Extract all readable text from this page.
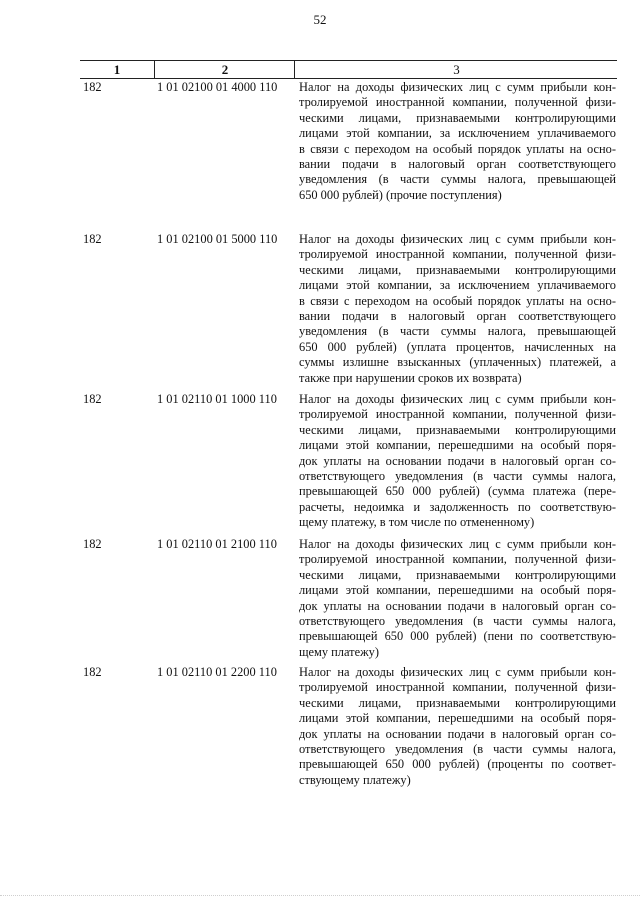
52
1	2	3
182	1 01 02100 01 4000 110	Налог на доходы физических лиц с сумм прибыли кон-
тролируемой иностранной компании, полученной физи-
ческими лицами, признаваемыми контролирующими
лицами этой компании, за исключением уплачиваемого
в связи с переходом на особый порядок уплаты на осно-
вании подачи в налоговый орган соответствующего
уведомления (в части суммы налога, превышающей
650 000 рублей) (прочие поступления)
182	1 01 02100 01 5000 110	Налог на доходы физических лиц с сумм прибыли кон-
тролируемой иностранной компании, полученной физи-
ческими лицами, признаваемыми контролирующими
лицами этой компании, за исключением уплачиваемого
в связи с переходом на особый порядок уплаты на осно-
вании подачи в налоговый орган соответствующего
уведомления (в части суммы налога, превышающей
650 000 рублей) (уплата процентов, начисленных на
суммы излишне взысканных (уплаченных) платежей, а
также при нарушении сроков их возврата)
182	1 01 02110 01 1000 110	Налог на доходы физических лиц с сумм прибыли кон-
тролируемой иностранной компании, полученной физи-
ческими лицами, признаваемыми контролирующими
лицами этой компании, перешедшими на особый поря-
док уплаты на основании подачи в налоговый орган со-
ответствующего уведомления (в части суммы налога,
превышающей 650 000 рублей) (сумма платежа (пере-
расчеты, недоимка и задолженность по соответствую-
щему платежу, в том числе по отмененному)
182	1 01 02110 01 2100 110	Налог на доходы физических лиц с сумм прибыли кон-
тролируемой иностранной компании, полученной физи-
ческими лицами, признаваемыми контролирующими
лицами этой компании, перешедшими на особый поря-
док уплаты на основании подачи в налоговый орган со-
ответствующего уведомления (в части суммы налога,
превышающей 650 000 рублей) (пени по соответствую-
щему платежу)
182	1 01 02110 01 2200 110	Налог на доходы физических лиц с сумм прибыли кон-
тролируемой иностранной компании, полученной физи-
ческими лицами, признаваемыми контролирующими
лицами этой компании, перешедшими на особый поря-
док уплаты на основании подачи в налоговый орган со-
ответствующего уведомления (в части суммы налога,
превышающей 650 000 рублей) (проценты по соответ-
ствующему платежу)
